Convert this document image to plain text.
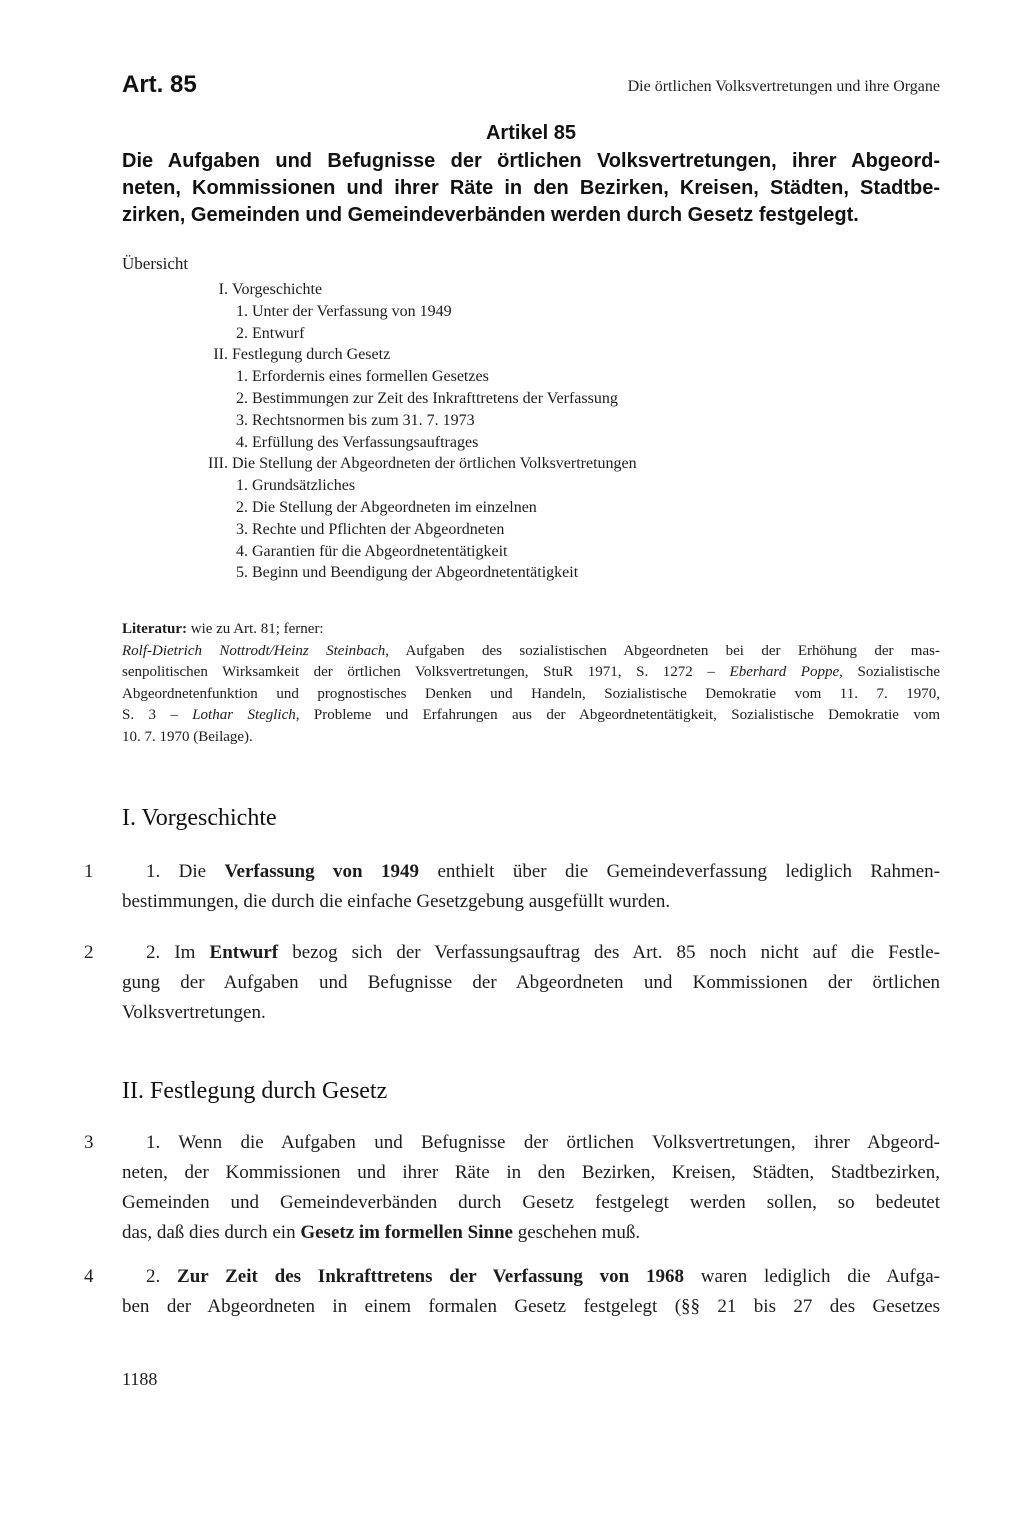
Art. 85	Die örtlichen Volksvertretungen und ihre Organe
Artikel 85
Die Aufgaben und Befugnisse der örtlichen Volksvertretungen, ihrer Abgeord-
neten, Kommissionen und ihrer Räte in den Bezirken, Kreisen, Städten, Stadtbe-
zirken, Gemeinden und Gemeindeverbänden werden durch Gesetz festgelegt.
Übersicht
I. Vorgeschichte
1. Unter der Verfassung von 1949
2. Entwurf
II. Festlegung durch Gesetz
1. Erfordernis eines formellen Gesetzes
2. Bestimmungen zur Zeit des Inkrafttretens der Verfassung
3. Rechtsnormen bis zum 31. 7. 1973
4. Erfüllung des Verfassungsauftrages
III. Die Stellung der Abgeordneten der örtlichen Volksvertretungen
1. Grundsätzliches
2. Die Stellung der Abgeordneten im einzelnen
3. Rechte und Pflichten der Abgeordneten
4. Garantien für die Abgeordnetentätigkeit
5. Beginn und Beendigung der Abgeordnetentätigkeit
Literatur: wie zu Art. 81; ferner:
Rolf-Dietrich Nottrodt/Heinz Steinbach, Aufgaben des sozialistischen Abgeordneten bei der Erhöhung der mas-
senpolitischen Wirksamkeit der örtlichen Volksvertretungen, StuR 1971, S. 1272 – Eberhard Poppe, Sozialistische
Abgeordnetenfunktion und prognostisches Denken und Handeln, Sozialistische Demokratie vom 11. 7. 1970,
S. 3 – Lothar Steglich, Probleme und Erfahrungen aus der Abgeordnetentätigkeit, Sozialistische Demokratie vom
10. 7. 1970 (Beilage).
I. Vorgeschichte
1	1. Die Verfassung von 1949 enthielt über die Gemeindeverfassung lediglich Rahmen-
bestimmungen, die durch die einfache Gesetzgebung ausgefüllt wurden.
2	2. Im Entwurf bezog sich der Verfassungsauftrag des Art. 85 noch nicht auf die Festle-
gung der Aufgaben und Befugnisse der Abgeordneten und Kommissionen der örtlichen
Volksvertretungen.
II. Festlegung durch Gesetz
3	1. Wenn die Aufgaben und Befugnisse der örtlichen Volksvertretungen, ihrer Abgeord-
neten, der Kommissionen und ihrer Räte in den Bezirken, Kreisen, Städten, Stadtbezirken,
Gemeinden und Gemeindeverbänden durch Gesetz festgelegt werden sollen, so bedeutet
das, daß dies durch ein Gesetz im formellen Sinne geschehen muß.
4	2. Zur Zeit des Inkrafttretens der Verfassung von 1968 waren lediglich die Aufga-
ben der Abgeordneten in einem formalen Gesetz festgelegt (§§ 21 bis 27 des Gesetzes
1188
